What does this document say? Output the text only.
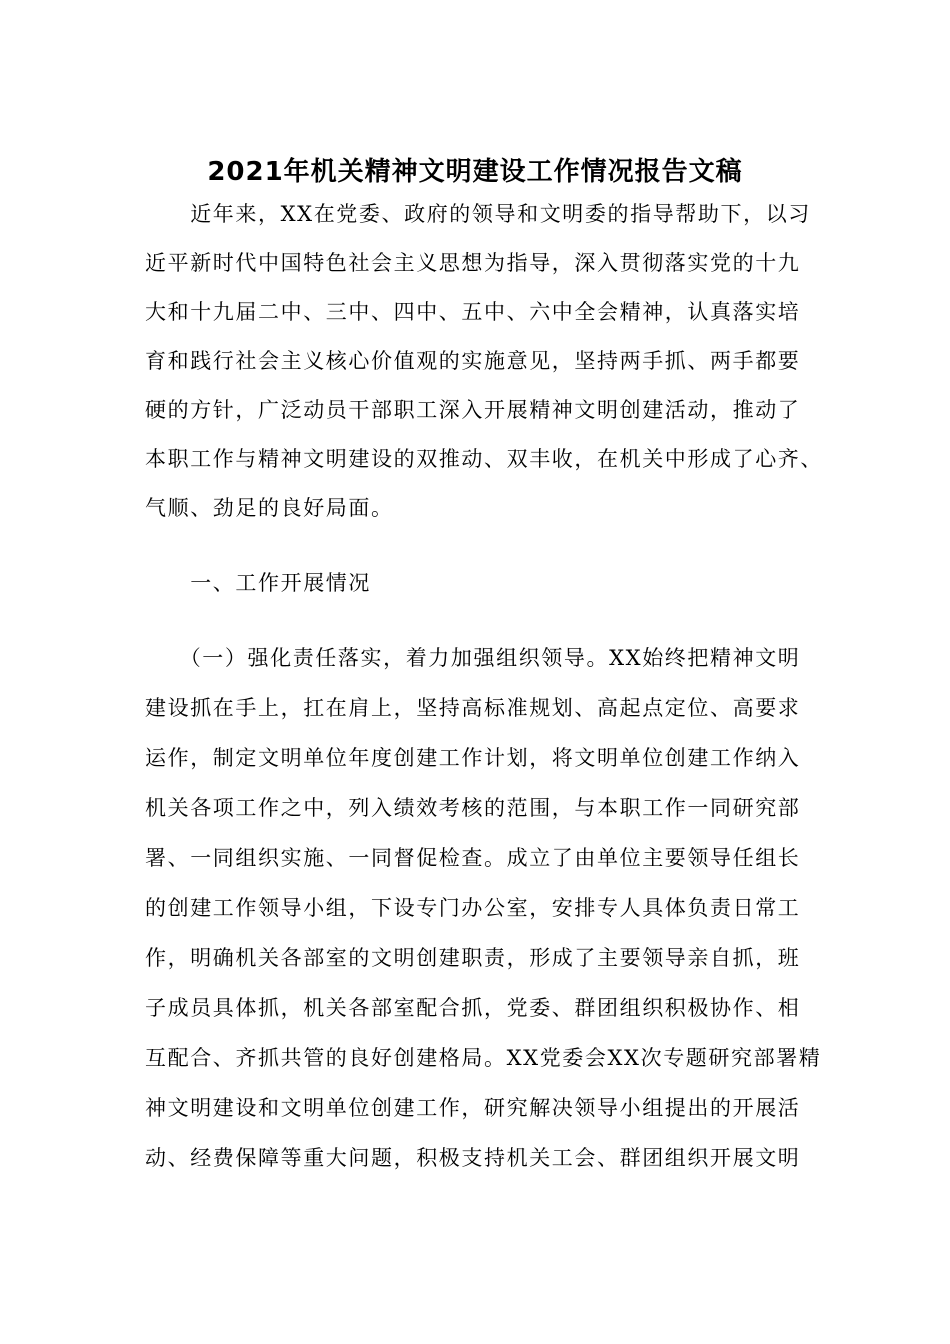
2021年机关精神文明建设工作情况报告文稿
　　近年来，XX在党委、政府的领导和文明委的指导帮助下，以习
近平新时代中国特色社会主义思想为指导，深入贯彻落实党的十九
大和十九届二中、三中、四中、五中、六中全会精神，认真落实培
育和践行社会主义核心价值观的实施意见，坚持两手抓、两手都要
硬的方针，广泛动员干部职工深入开展精神文明创建活动，推动了
本职工作与精神文明建设的双推动、双丰收，在机关中形成了心齐、
气顺、劲足的良好局面。
　　一、工作开展情况
　　（一）强化责任落实，着力加强组织领导。XX始终把精神文明
建设抓在手上，扛在肩上，坚持高标准规划、高起点定位、高要求
运作，制定文明单位年度创建工作计划，将文明单位创建工作纳入
机关各项工作之中，列入绩效考核的范围，与本职工作一同研究部
署、一同组织实施、一同督促检查。成立了由单位主要领导任组长
的创建工作领导小组，下设专门办公室，安排专人具体负责日常工
作，明确机关各部室的文明创建职责，形成了主要领导亲自抓，班
子成员具体抓，机关各部室配合抓，党委、群团组织积极协作、相
互配合、齐抓共管的良好创建格局。XX党委会XX次专题研究部署精
神文明建设和文明单位创建工作，研究解决领导小组提出的开展活
动、经费保障等重大问题，积极支持机关工会、群团组织开展文明
